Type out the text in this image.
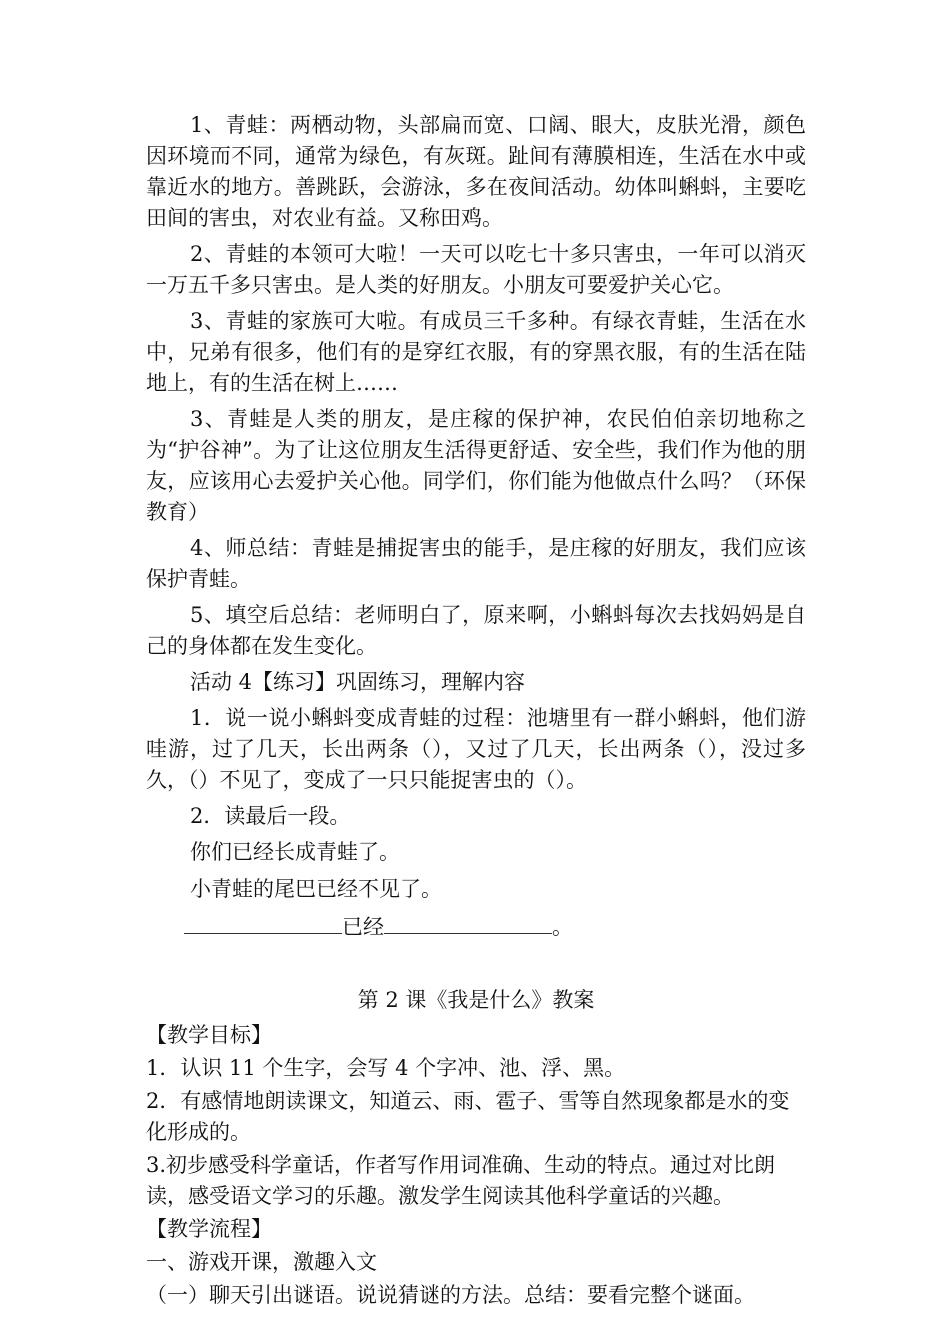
1、青蛙：两栖动物，头部扁而宽、口阔、眼大，皮肤光滑，颜色因环境而不同，通常为绿色，有灰斑。趾间有薄膜相连，生活在水中或靠近水的地方。善跳跃，会游泳，多在夜间活动。幼体叫蝌蚪，主要吃田间的害虫，对农业有益。又称田鸡。

2、青蛙的本领可大啦！一天可以吃七十多只害虫，一年可以消灭一万五千多只害虫。是人类的好朋友。小朋友可要爱护关心它。

3、青蛙的家族可大啦。有成员三千多种。有绿衣青蛙，生活在水中，兄弟有很多，他们有的是穿红衣服，有的穿黑衣服，有的生活在陆地上，有的生活在树上……

3、青蛙是人类的朋友，是庄稼的保护神，农民伯伯亲切地称之为“护谷神”。为了让这位朋友生活得更舒适、安全些，我们作为他的朋友，应该用心去爱护关心他。同学们，你们能为他做点什么吗？（环保教育）

4、师总结：青蛙是捕捉害虫的能手，是庄稼的好朋友，我们应该保护青蛙。

5、填空后总结：老师明白了，原来啊，小蝌蚪每次去找妈妈是自己的身体都在发生变化。

活动 4【练习】巩固练习，理解内容

1．说一说小蝌蚪变成青蛙的过程：池塘里有一群小蝌蚪，他们游哇游，过了几天，长出两条（），又过了几天，长出两条（），没过多久，（）不见了，变成了一只只能捉害虫的（）。

2．读最后一段。

你们已经长成青蛙了。

小青蛙的尾巴已经不见了。

已经	。

第 2 课《我是什么》教案

【教学目标】

1．认识 11 个生字，会写 4 个字冲、池、浮、黑。

2．有感情地朗读课文，知道云、雨、雹子、雪等自然现象都是水的变化形成的。

3.初步感受科学童话，作者写作用词准确、生动的特点。通过对比朗读，感受语文学习的乐趣。激发学生阅读其他科学童话的兴趣。

【教学流程】

一、游戏开课，激趣入文

（一）聊天引出谜语。说说猜谜的方法。总结：要看完整个谜面。
